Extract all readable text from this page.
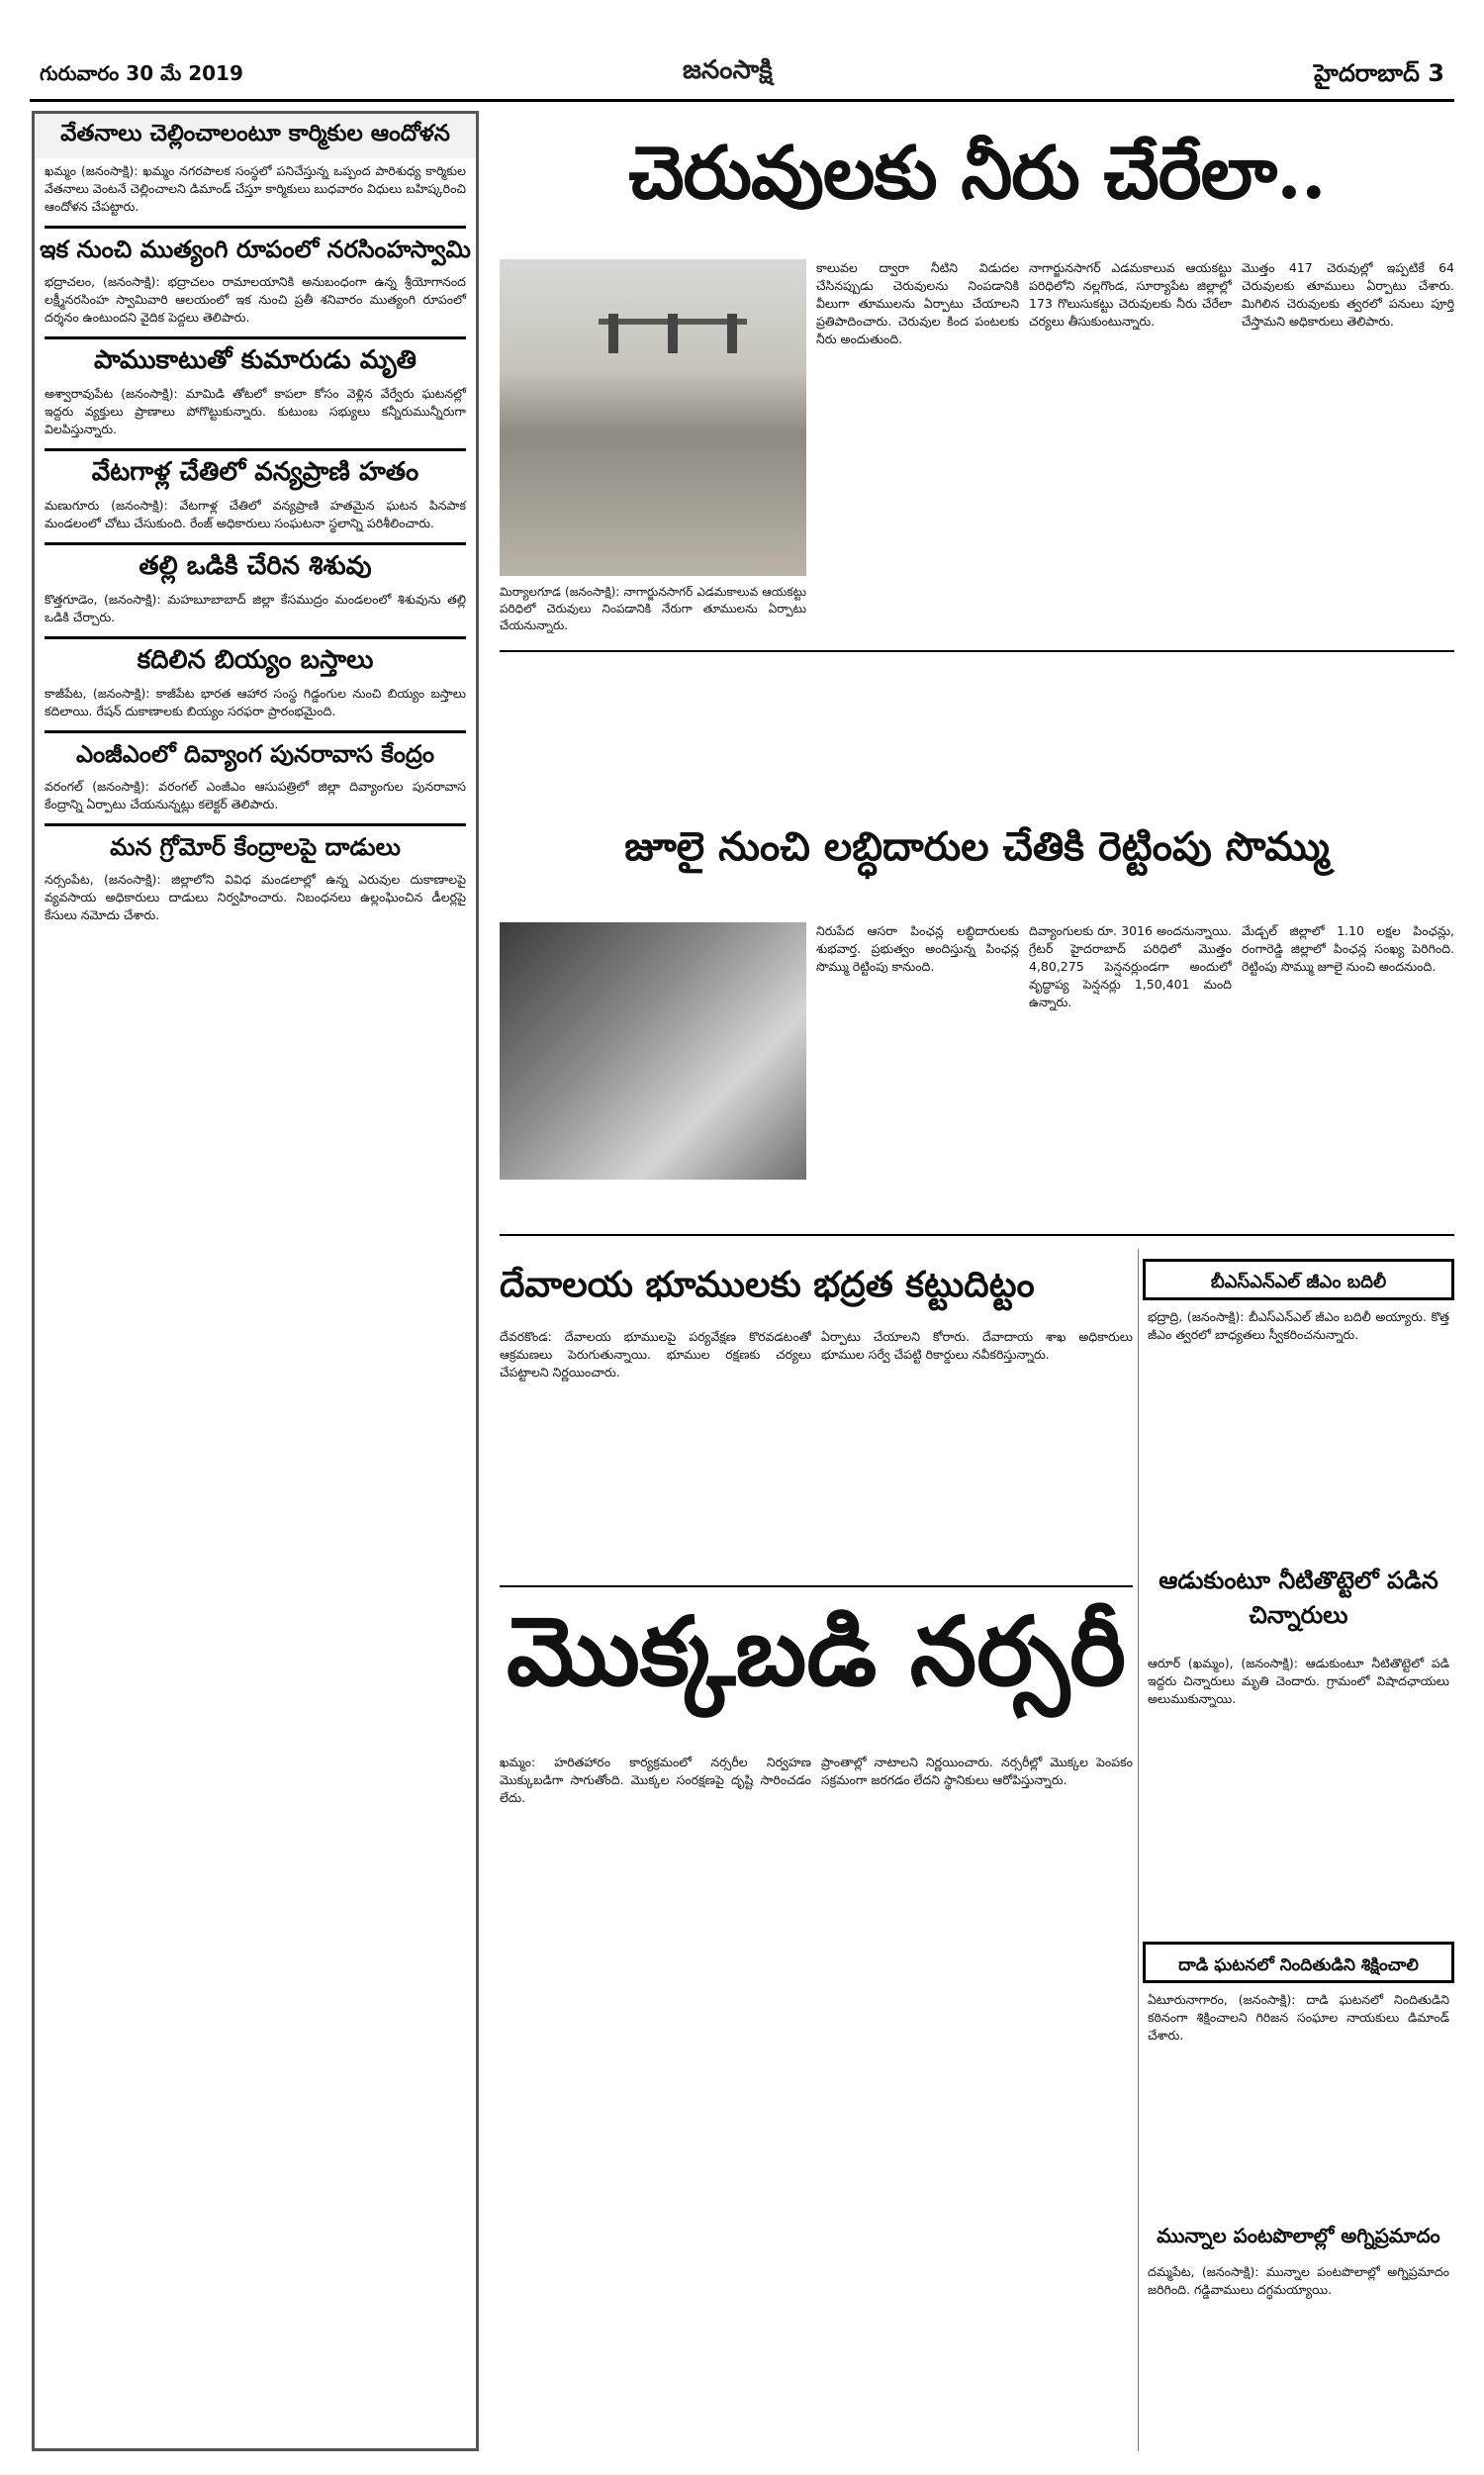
గురువారం 30 మే 2019	జనంసాక్షి	హైదరాబాద్ 3
వేతనాలు చెల్లించాలంటూ కార్మికుల ఆందోళన
ఖమ్మం (జనంసాక్షి): ఖమ్మం నగరపాలక సంస్థలో పనిచేస్తున్న ఒప్పంద పారిశుధ్య కార్మికుల వేతనాలు వెంటనే చెల్లించాలని డిమాండ్ చేస్తూ కార్మికులు బుధవారం విధులు బహిష్కరించి ఆందోళన చేపట్టారు.
ఇక నుంచి ముత్యంగి రూపంలో నరసింహస్వామి
భద్రాచలం, (జనంసాక్షి): భద్రాచలం రామాలయానికి అనుబంధంగా ఉన్న శ్రీయోగానంద లక్ష్మీనరసింహ స్వామివారి ఆలయంలో ఇక నుంచి ప్రతీ శనివారం ముత్యంగి రూపంలో దర్శనం ఉంటుందని వైదిక పెద్దలు తెలిపారు.
పాముకాటుతో కుమారుడు మృతి
అశ్వారావుపేట (జనంసాక్షి): మామిడి తోటలో కాపలా కోసం వెళ్లిన వేర్వేరు ఘటనల్లో ఇద్దరు వ్యక్తులు ప్రాణాలు పోగొట్టుకున్నారు. కుటుంబ సభ్యులు కన్నీరుమున్నీరుగా విలపిస్తున్నారు.
వేటగాళ్ల చేతిలో వన్యప్రాణి హతం
మణుగూరు (జనంసాక్షి): వేటగాళ్ల చేతిలో వన్యప్రాణి హతమైన ఘటన పినపాక మండలంలో చోటు చేసుకుంది. రేంజ్ అధికారులు సంఘటనా స్థలాన్ని పరిశీలించారు.
తల్లి ఒడికి చేరిన శిశువు
కొత్తగూడెం, (జనంసాక్షి): మహబూబాబాద్ జిల్లా కేసముద్రం మండలంలో శిశువును తల్లి ఒడికి చేర్చారు.
కదిలిన బియ్యం బస్తాలు
కాజీపేట, (జనంసాక్షి): కాజీపేట భారత ఆహార సంస్థ గిడ్డంగుల నుంచి బియ్యం బస్తాలు కదిలాయి. రేషన్ దుకాణాలకు బియ్యం సరఫరా ప్రారంభమైంది.
ఎంజీఎంలో దివ్యాంగ పునరావాస కేంద్రం
వరంగల్ (జనంసాక్షి): వరంగల్ ఎంజీఎం ఆసుపత్రిలో జిల్లా దివ్యాంగుల పునరావాస కేంద్రాన్ని ఏర్పాటు చేయనున్నట్లు కలెక్టర్ తెలిపారు.
మన గ్రోమోర్ కేంద్రాలపై దాడులు
నర్సంపేట, (జనంసాక్షి): జిల్లాలోని వివిధ మండలాల్లో ఉన్న ఎరువుల దుకాణాలపై వ్యవసాయ అధికారులు దాడులు నిర్వహించారు. నిబంధనలు ఉల్లంఘించిన డీలర్లపై కేసులు నమోదు చేశారు.
చెరువులకు నీరు చేరేలా..
మిర్యాలగూడ (జనంసాక్షి): నాగార్జునసాగర్ ఎడమకాలువ ఆయకట్టు పరిధిలో చెరువులు నింపడానికి నేరుగా తూములను ఏర్పాటు చేయనున్నారు.
కాలువల ద్వారా నీటిని విడుదల చేసినప్పుడు చెరువులను నింపడానికి వీలుగా తూములను ఏర్పాటు చేయాలని ప్రతిపాదించారు. చెరువుల కింద పంటలకు నీరు అందుతుంది.
నాగార్జునసాగర్ ఎడమకాలువ ఆయకట్టు పరిధిలోని నల్లగొండ, సూర్యాపేట జిల్లాల్లో 173 గొలుసుకట్టు చెరువులకు నీరు చేరేలా చర్యలు తీసుకుంటున్నారు.
మొత్తం 417 చెరువుల్లో ఇప్పటికే 64 చెరువులకు తూములు ఏర్పాటు చేశారు. మిగిలిన చెరువులకు త్వరలో పనులు పూర్తి చేస్తామని అధికారులు తెలిపారు.
జూలై నుంచి లబ్ధిదారుల చేతికి రెట్టింపు సొమ్ము
నిరుపేద ఆసరా పింఛన్ల లబ్ధిదారులకు శుభవార్త. ప్రభుత్వం అందిస్తున్న పింఛన్ల సొమ్ము రెట్టింపు కానుంది.
దివ్యాంగులకు రూ. 3016 అందనున్నాయి. గ్రేటర్ హైదరాబాద్ పరిధిలో మొత్తం 4,80,275 పెన్షనర్లుండగా అందులో వృద్ధాప్య పెన్షనర్లు 1,50,401 మంది ఉన్నారు.
మేడ్చల్ జిల్లాలో 1.10 లక్షల పింఛన్లు, రంగారెడ్డి జిల్లాలో పింఛన్ల సంఖ్య పెరిగింది. రెట్టింపు సొమ్ము జూలై నుంచి అందనుంది.
దేవాలయ భూములకు భద్రత కట్టుదిట్టం
దేవరకొండ: దేవాలయ భూములపై పర్యవేక్షణ కొరవడటంతో ఆక్రమణలు పెరుగుతున్నాయి. భూముల రక్షణకు చర్యలు చేపట్టాలని నిర్ణయించారు.
ఏర్పాటు చేయాలని కోరారు. దేవాదాయ శాఖ అధికారులు భూముల సర్వే చేపట్టి రికార్డులు నవీకరిస్తున్నారు.
బీఎస్ఎన్ఎల్ జీఎం బదిలీ
భద్రాద్రి, (జనంసాక్షి): బీఎస్ఎన్ఎల్ జీఎం బదిలీ అయ్యారు. కొత్త జీఎం త్వరలో బాధ్యతలు స్వీకరించనున్నారు.
ఆడుకుంటూ నీటితొట్టెలో పడిన చిన్నారులు
ఆరూర్ (ఖమ్మం), (జనంసాక్షి): ఆడుకుంటూ నీటితొట్టెలో పడి ఇద్దరు చిన్నారులు మృతి చెందారు. గ్రామంలో విషాదఛాయలు అలుముకున్నాయి.
దాడి ఘటనలో నిందితుడిని శిక్షించాలి
ఏటూరునాగారం, (జనంసాక్షి): దాడి ఘటనలో నిందితుడిని కఠినంగా శిక్షించాలని గిరిజన సంఘాల నాయకులు డిమాండ్ చేశారు.
మున్నాల పంటపొలాల్లో అగ్నిప్రమాదం
దమ్మపేట, (జనంసాక్షి): మున్నాల పంటపొలాల్లో అగ్నిప్రమాదం జరిగింది. గడ్డివాములు దగ్ధమయ్యాయి.
మొక్కబడి నర్సరీ
ఖమ్మం: హరితహారం కార్యక్రమంలో నర్సరీల నిర్వహణ మొక్కుబడిగా సాగుతోంది. మొక్కల సంరక్షణపై దృష్టి సారించడం లేదు.
ప్రాంతాల్లో నాటాలని నిర్ణయించారు. నర్సరీల్లో మొక్కల పెంపకం సక్రమంగా జరగడం లేదని స్థానికులు ఆరోపిస్తున్నారు.
